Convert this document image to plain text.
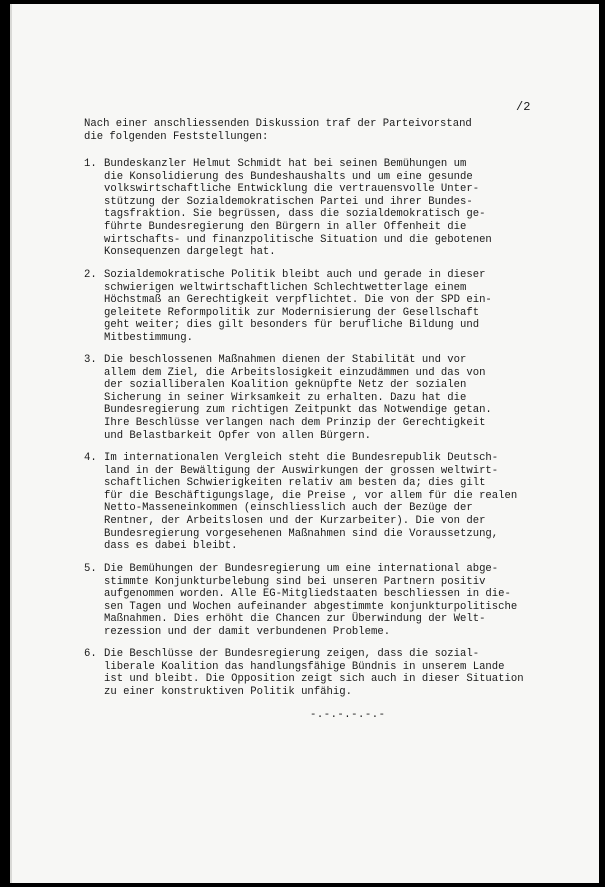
/2
Nach einer anschliessenden Diskussion traf der Parteivorstand
die folgenden Feststellungen:
1. Bundeskanzler Helmut Schmidt hat bei seinen Bemühungen um
die Konsolidierung des Bundeshaushalts und um eine gesunde
volkswirtschaftliche Entwicklung die vertrauensvolle Unter-
stützung der Sozialdemokratischen Partei und ihrer Bundes-
tagsfraktion. Sie begrüssen, dass die sozialdemokratisch ge-
führte Bundesregierung den Bürgern in aller Offenheit die
wirtschafts- und finanzpolitische Situation und die gebotenen
Konsequenzen dargelegt hat.
2. Sozialdemokratische Politik bleibt auch und gerade in dieser
schwierigen weltwirtschaftlichen Schlechtwetterlage einem
Höchstmaß an Gerechtigkeit verpflichtet. Die von der SPD ein-
geleitete Reformpolitik zur Modernisierung der Gesellschaft
geht weiter; dies gilt besonders für berufliche Bildung und
Mitbestimmung.
3. Die beschlossenen Maßnahmen dienen der Stabilität und vor
allem dem Ziel, die Arbeitslosigkeit einzudämmen und das von
der sozialliberalen Koalition geknüpfte Netz der sozialen
Sicherung in seiner Wirksamkeit zu erhalten. Dazu hat die
Bundesregierung zum richtigen Zeitpunkt das Notwendige getan.
Ihre Beschlüsse verlangen nach dem Prinzip der Gerechtigkeit
und Belastbarkeit Opfer von allen Bürgern.
4. Im internationalen Vergleich steht die Bundesrepublik Deutsch-
land in der Bewältigung der Auswirkungen der grossen weltwirt-
schaftlichen Schwierigkeiten relativ am besten da; dies gilt
für die Beschäftigungslage, die Preise , vor allem für die realen
Netto-Masseneinkommen (einschliesslich auch der Bezüge der
Rentner, der Arbeitslosen und der Kurzarbeiter). Die von der
Bundesregierung vorgesehenen Maßnahmen sind die Voraussetzung,
dass es dabei bleibt.
5. Die Bemühungen der Bundesregierung um eine international abge-
stimmte Konjunkturbelebung sind bei unseren Partnern positiv
aufgenommen worden. Alle EG-Mitgliedstaaten beschliessen in die-
sen Tagen und Wochen aufeinander abgestimmte konjunkturpolitische
Maßnahmen. Dies erhöht die Chancen zur Überwindung der Welt-
rezession und der damit verbundenen Probleme.
6. Die Beschlüsse der Bundesregierung zeigen, dass die sozial-
liberale Koalition das handlungsfähige Bündnis in unserem Lande
ist und bleibt. Die Opposition zeigt sich auch in dieser Situation
zu einer konstruktiven Politik unfähig.
-.-.-.-.-.-
